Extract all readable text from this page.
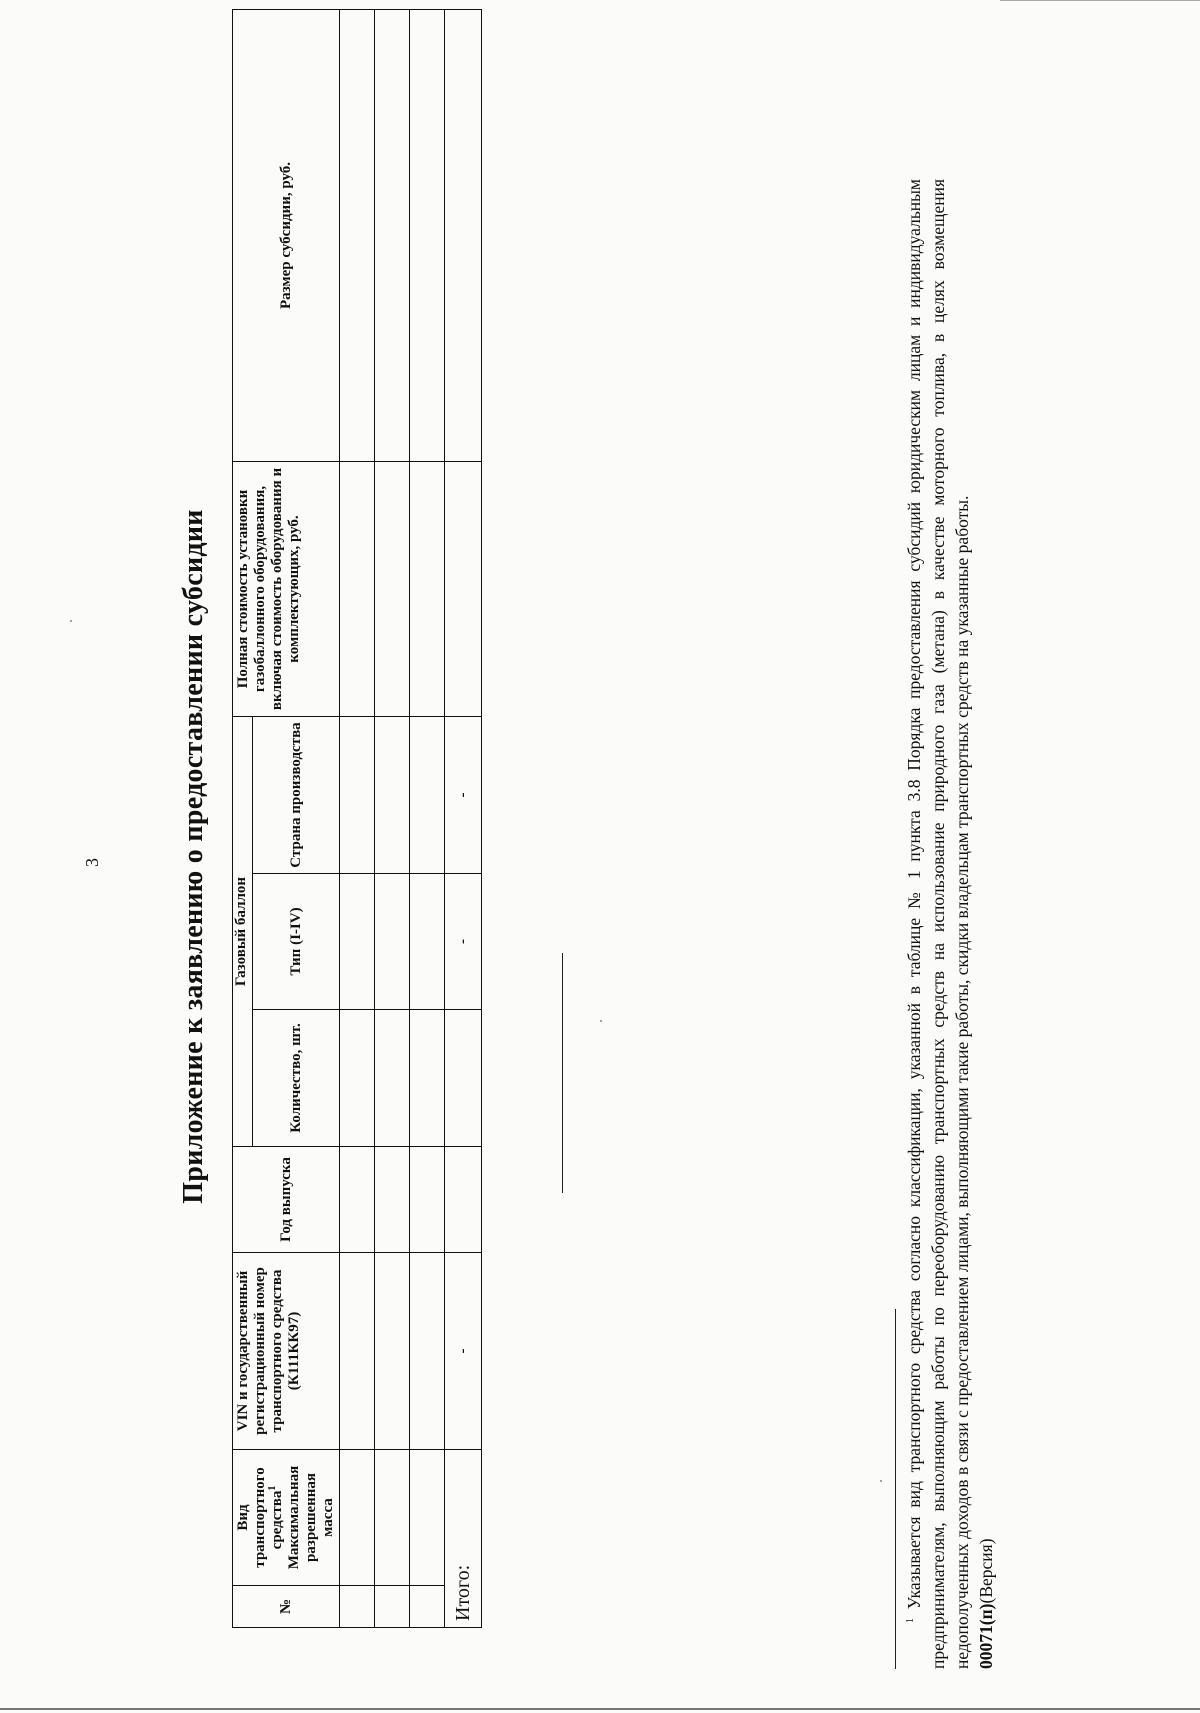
3	Приложение к заявлению о предоставлении субсидии
№	Вид транспортного средства$^1$ Максимальная разрешенная масса	VIN и государственный регистрационный номер транспортного средства (К111КК97)	Год выпуска	Газовый баллон			Полная стоимость установки газобаллонного оборудования, включая стоимость оборудования и комплектующих, руб.	Размер субсидии, руб.
				Количество, шт.	Тип (I-IV)	Страна производства		

Итого:		-			-	-		

$^1$ Указывается вид транспортного средства согласно классификации, указанной в таблице № 1 пункта 3.8 Порядка предоставления субсидий юридическим лицам и индивидуальным предпринимателям, выполняющим работы по переоборудованию транспортных средств на использование природного газа (метана) в качестве моторного топлива, в целях возмещения недополученных доходов в связи с предоставлением лицами, выполняющими такие работы, скидки владельцам транспортных средств на указанные работы. 00071(п)(Версия)
